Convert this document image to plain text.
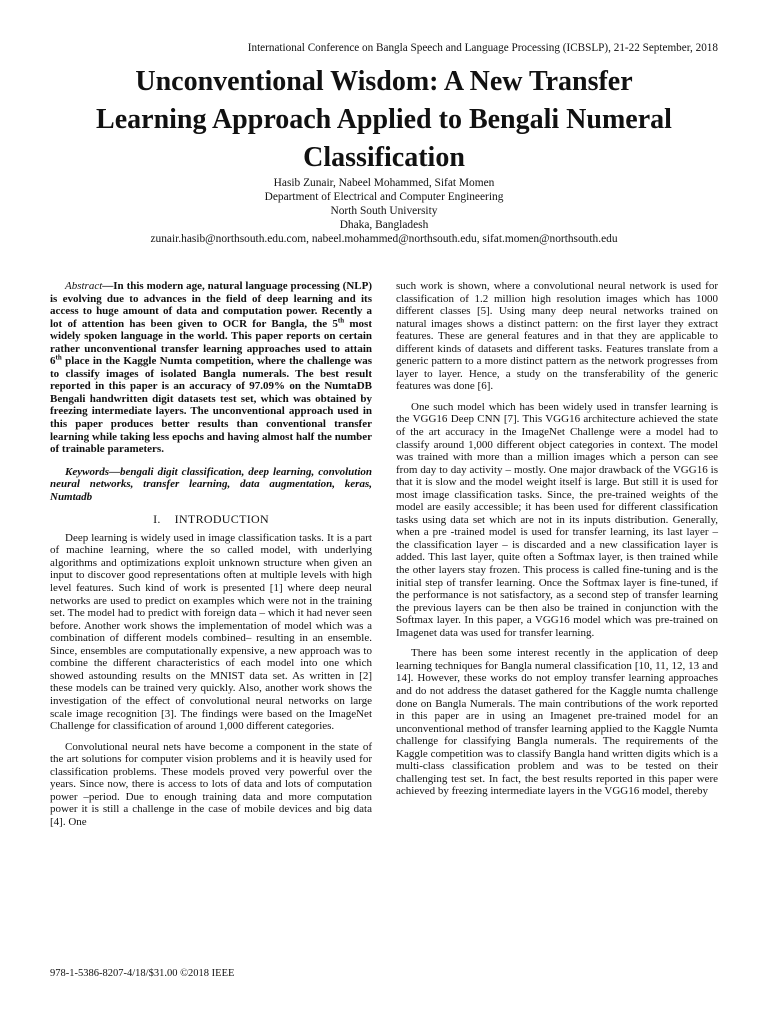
International Conference on Bangla Speech and Language Processing (ICBSLP), 21-22 September, 2018
Unconventional Wisdom: A New Transfer
Learning Approach Applied to Bengali Numeral
Classification
Hasib Zunair, Nabeel Mohammed, Sifat Momen
Department of Electrical and Computer Engineering
North South University
Dhaka, Bangladesh
zunair.hasib@northsouth.edu.com, nabeel.mohammed@northsouth.edu, sifat.momen@northsouth.edu

Abstract—In this modern age, natural language processing (NLP) is evolving due to advances in the field of deep learning and its access to huge amount of data and computation power. Recently a lot of attention has been given to OCR for Bangla, the 5th most widely spoken language in the world. This paper reports on certain rather unconventional transfer learning approaches used to attain 6th place in the Kaggle Numta competition, where the challenge was to classify images of isolated Bangla numerals. The best result reported in this paper is an accuracy of 97.09% on the NumtaDB Bengali handwritten digit datasets test set, which was obtained by freezing intermediate layers. The unconventional approach used in this paper produces better results than conventional transfer learning while taking less epochs and having almost half the number of trainable parameters.

Keywords—bengali digit classification, deep learning, convolution neural networks, transfer learning, data augmentation, keras, Numtadb

I. INTRODUCTION

Deep learning is widely used in image classification tasks. It is a part of machine learning, where the so called model, with underlying algorithms and optimizations exploit unknown structure when given an input to discover good representations often at multiple levels with high level features. Such kind of work is presented [1] where deep neural networks are used to predict on examples which were not in the training set. The model had to predict with foreign data – which it had never seen before. Another work shows the implementation of model which was a combination of different models combined– resulting in an ensemble. Since, ensembles are computationally expensive, a new approach was to combine the different characteristics of each model into one which showed astounding results on the MNIST data set. As written in [2] these models can be trained very quickly. Also, another work shows the investigation of the effect of convolutional neural networks on large scale image recognition [3]. The findings were based on the ImageNet Challenge for classification of around 1,000 different categories.

Convolutional neural nets have become a component in the state of the art solutions for computer vision problems and it is heavily used for classification problems. These models proved very powerful over the years. Since now, there is access to lots of data and lots of computation power –period. Due to enough training data and more computation power it is still a challenge in the case of mobile devices and big data [4]. One

such work is shown, where a convolutional neural network is used for classification of 1.2 million high resolution images which has 1000 different classes [5]. Using many deep neural networks trained on natural images shows a distinct pattern: on the first layer they extract features. These are general features and in that they are applicable to different kinds of datasets and different tasks. Features translate from a generic pattern to a more distinct pattern as the network progresses from layer to layer. Hence, a study on the transferability of the generic features was done [6].

One such model which has been widely used in transfer learning is the VGG16 Deep CNN [7]. This VGG16 architecture achieved the state of the art accuracy in the ImageNet Challenge were a model had to classify around 1,000 different object categories in context. The model was trained with more than a million images which a person can see from day to day activity – mostly. One major drawback of the VGG16 is that it is slow and the model weight itself is large. But still it is used for most image classification tasks. Since, the pre-trained weights of the model are easily accessible; it has been used for different classification tasks using data set which are not in its inputs distribution. Generally, when a pre -trained model is used for transfer learning, its last layer – the classification layer – is discarded and a new classification layer is added. This last layer, quite often a Softmax layer, is then trained while the other layers stay frozen. This process is called fine-tuning and is the initial step of transfer learning. Once the Softmax layer is fine-tuned, if the performance is not satisfactory, as a second step of transfer learning the previous layers can be then also be trained in conjunction with the Softmax layer. In this paper, a VGG16 model which was pre-trained on Imagenet data was used for transfer learning.

There has been some interest recently in the application of deep learning techniques for Bangla numeral classification [10, 11, 12, 13 and 14]. However, these works do not employ transfer learning approaches and do not address the dataset gathered for the Kaggle numta challenge done on Bangla Numerals. The main contributions of the work reported in this paper are in using an Imagenet pre-trained model for an unconventional method of transfer learning applied to the Kaggle Numta challenge for classifying Bangla numerals. The requirements of the Kaggle competition was to classify Bangla hand written digits which is a multi-class classification problem and was to be tested on their challenging test set. In fact, the best results reported in this paper were achieved by freezing intermediate layers in the VGG16 model, thereby

978-1-5386-8207-4/18/$31.00 ©2018 IEEE
